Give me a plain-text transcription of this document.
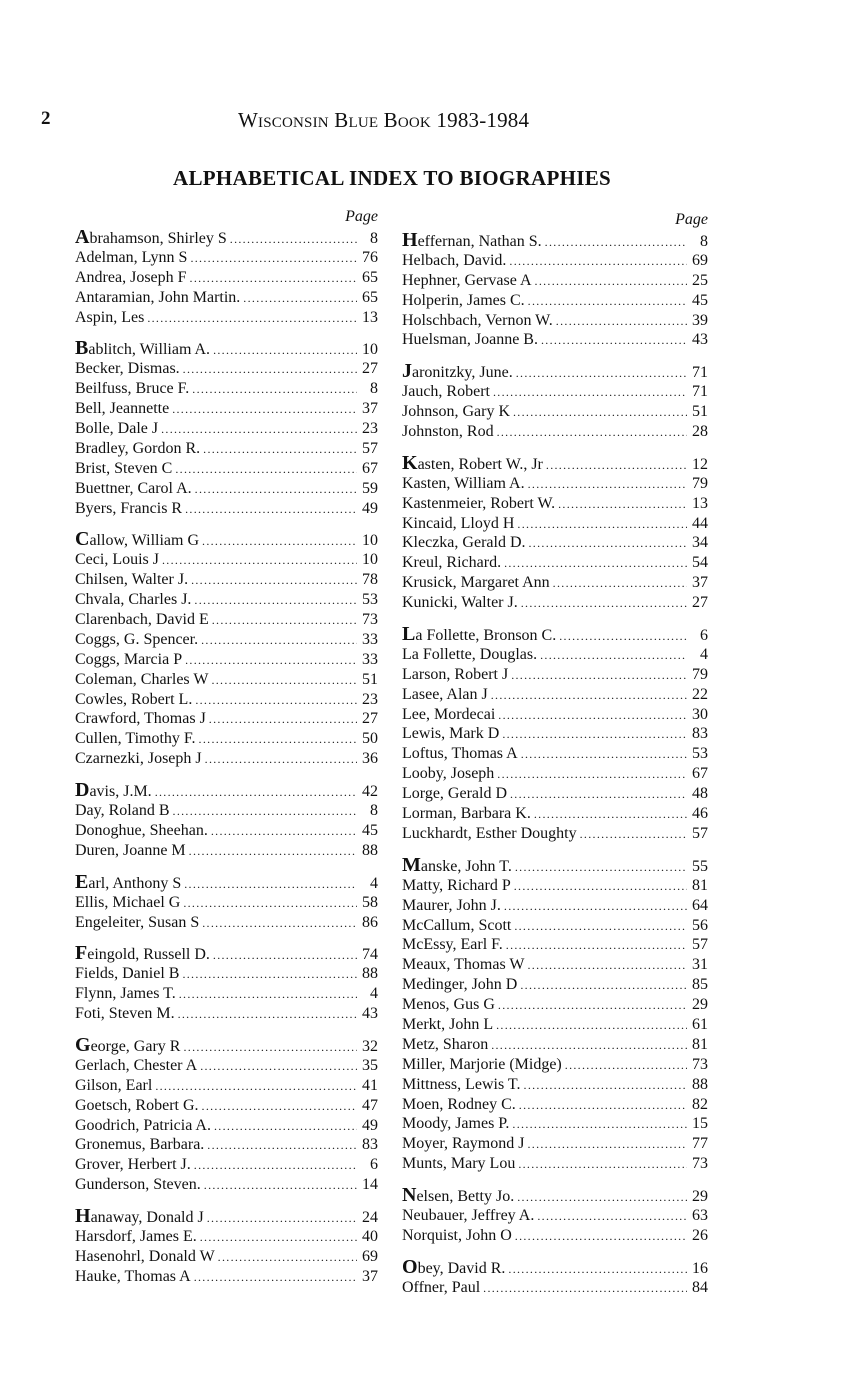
2	Wisconsin Blue Book 1983-1984
ALPHABETICAL INDEX TO BIOGRAPHIES
Page
Abrahamson, Shirley S .....	8
Adelman, Lynn S .....	76
Andrea, Joseph F .....	65
Antaramian, John Martin. .....	65
Aspin, Les .....	13
Bablitch, William A. .....	10
Becker, Dismas. .....	27
Beilfuss, Bruce F. .....	8
Bell, Jeannette .....	37
Bolle, Dale J .....	23
Bradley, Gordon R. .....	57
Brist, Steven C .....	67
Buettner, Carol A. .....	59
Byers, Francis R .....	49
Callow, William G .....	10
Ceci, Louis J .....	10
Chilsen, Walter J. .....	78
Chvala, Charles J. .....	53
Clarenbach, David E .....	73
Coggs, G. Spencer. .....	33
Coggs, Marcia P .....	33
Coleman, Charles W .....	51
Cowles, Robert L. .....	23
Crawford, Thomas J .....	27
Cullen, Timothy F. .....	50
Czarnezki, Joseph J .....	36
Davis, J.M. .....	42
Day, Roland B .....	8
Donoghue, Sheehan. .....	45
Duren, Joanne M .....	88
Earl, Anthony S .....	4
Ellis, Michael G .....	58
Engeleiter, Susan S .....	86
Feingold, Russell D. .....	74
Fields, Daniel B .....	88
Flynn, James T. .....	4
Foti, Steven M. .....	43
George, Gary R .....	32
Gerlach, Chester A .....	35
Gilson, Earl .....	41
Goetsch, Robert G. .....	47
Goodrich, Patricia A. .....	49
Gronemus, Barbara. .....	83
Grover, Herbert J. .....	6
Gunderson, Steven. .....	14
Hanaway, Donald J .....	24
Harsdorf, James E. .....	40
Hasenohrl, Donald W .....	69
Hauke, Thomas A .....	37
Page
Heffernan, Nathan S. .....	8
Helbach, David. .....	69
Hephner, Gervase A .....	25
Holperin, James C. .....	45
Holschbach, Vernon W. .....	39
Huelsman, Joanne B. .....	43
Jaronitzky, June. .....	71
Jauch, Robert .....	71
Johnson, Gary K .....	51
Johnston, Rod .....	28
Kasten, Robert W., Jr .....	12
Kasten, William A. .....	79
Kastenmeier, Robert W. .....	13
Kincaid, Lloyd H .....	44
Kleczka, Gerald D. .....	34
Kreul, Richard. .....	54
Krusick, Margaret Ann .....	37
Kunicki, Walter J. .....	27
La Follette, Bronson C. .....	6
La Follette, Douglas. .....	4
Larson, Robert J .....	79
Lasee, Alan J .....	22
Lee, Mordecai .....	30
Lewis, Mark D .....	83
Loftus, Thomas A .....	53
Looby, Joseph .....	67
Lorge, Gerald D .....	48
Lorman, Barbara K. .....	46
Luckhardt, Esther Doughty .....	57
Manske, John T. .....	55
Matty, Richard P .....	81
Maurer, John J. .....	64
McCallum, Scott .....	56
McEssy, Earl F. .....	57
Meaux, Thomas W .....	31
Medinger, John D .....	85
Menos, Gus G .....	29
Merkt, John L .....	61
Metz, Sharon .....	81
Miller, Marjorie (Midge) .....	73
Mittness, Lewis T. .....	88
Moen, Rodney C. .....	82
Moody, James P. .....	15
Moyer, Raymond J .....	77
Munts, Mary Lou .....	73
Nelsen, Betty Jo. .....	29
Neubauer, Jeffrey A. .....	63
Norquist, John O .....	26
Obey, David R. .....	16
Offner, Paul .....	84
